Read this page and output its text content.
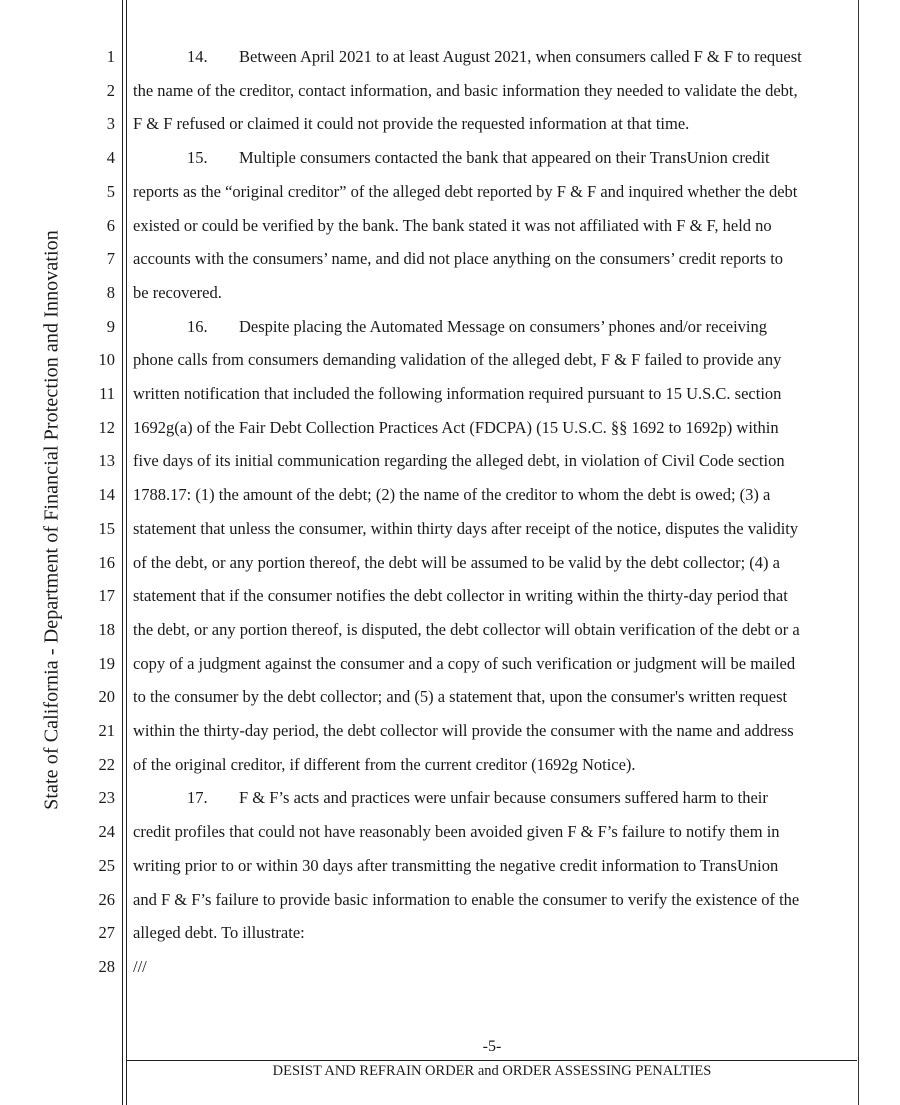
State of California - Department of Financial Protection and Innovation
1
2
3
4
5
6
7
8
9
10
11
12
13
14
15
16
17
18
19
20
21
22
23
24
25
26
27
28
14. Between April 2021 to at least August 2021, when consumers called F & F to request
the name of the creditor, contact information, and basic information they needed to validate the debt,
F & F refused or claimed it could not provide the requested information at that time.
15. Multiple consumers contacted the bank that appeared on their TransUnion credit
reports as the “original creditor” of the alleged debt reported by F & F and inquired whether the debt
existed or could be verified by the bank. The bank stated it was not affiliated with F & F, held no
accounts with the consumers’ name, and did not place anything on the consumers’ credit reports to
be recovered.
16. Despite placing the Automated Message on consumers’ phones and/or receiving
phone calls from consumers demanding validation of the alleged debt, F & F failed to provide any
written notification that included the following information required pursuant to 15 U.S.C. section
1692g(a) of the Fair Debt Collection Practices Act (FDCPA) (15 U.S.C. §§ 1692 to 1692p) within
five days of its initial communication regarding the alleged debt, in violation of Civil Code section
1788.17: (1) the amount of the debt; (2) the name of the creditor to whom the debt is owed; (3) a
statement that unless the consumer, within thirty days after receipt of the notice, disputes the validity
of the debt, or any portion thereof, the debt will be assumed to be valid by the debt collector; (4) a
statement that if the consumer notifies the debt collector in writing within the thirty-day period that
the debt, or any portion thereof, is disputed, the debt collector will obtain verification of the debt or a
copy of a judgment against the consumer and a copy of such verification or judgment will be mailed
to the consumer by the debt collector; and (5) a statement that, upon the consumer's written request
within the thirty-day period, the debt collector will provide the consumer with the name and address
of the original creditor, if different from the current creditor (1692g Notice).
17. F & F’s acts and practices were unfair because consumers suffered harm to their
credit profiles that could not have reasonably been avoided given F & F’s failure to notify them in
writing prior to or within 30 days after transmitting the negative credit information to TransUnion
and F & F’s failure to provide basic information to enable the consumer to verify the existence of the
alleged debt. To illustrate:
///
-5-
DESIST AND REFRAIN ORDER and ORDER ASSESSING PENALTIES
